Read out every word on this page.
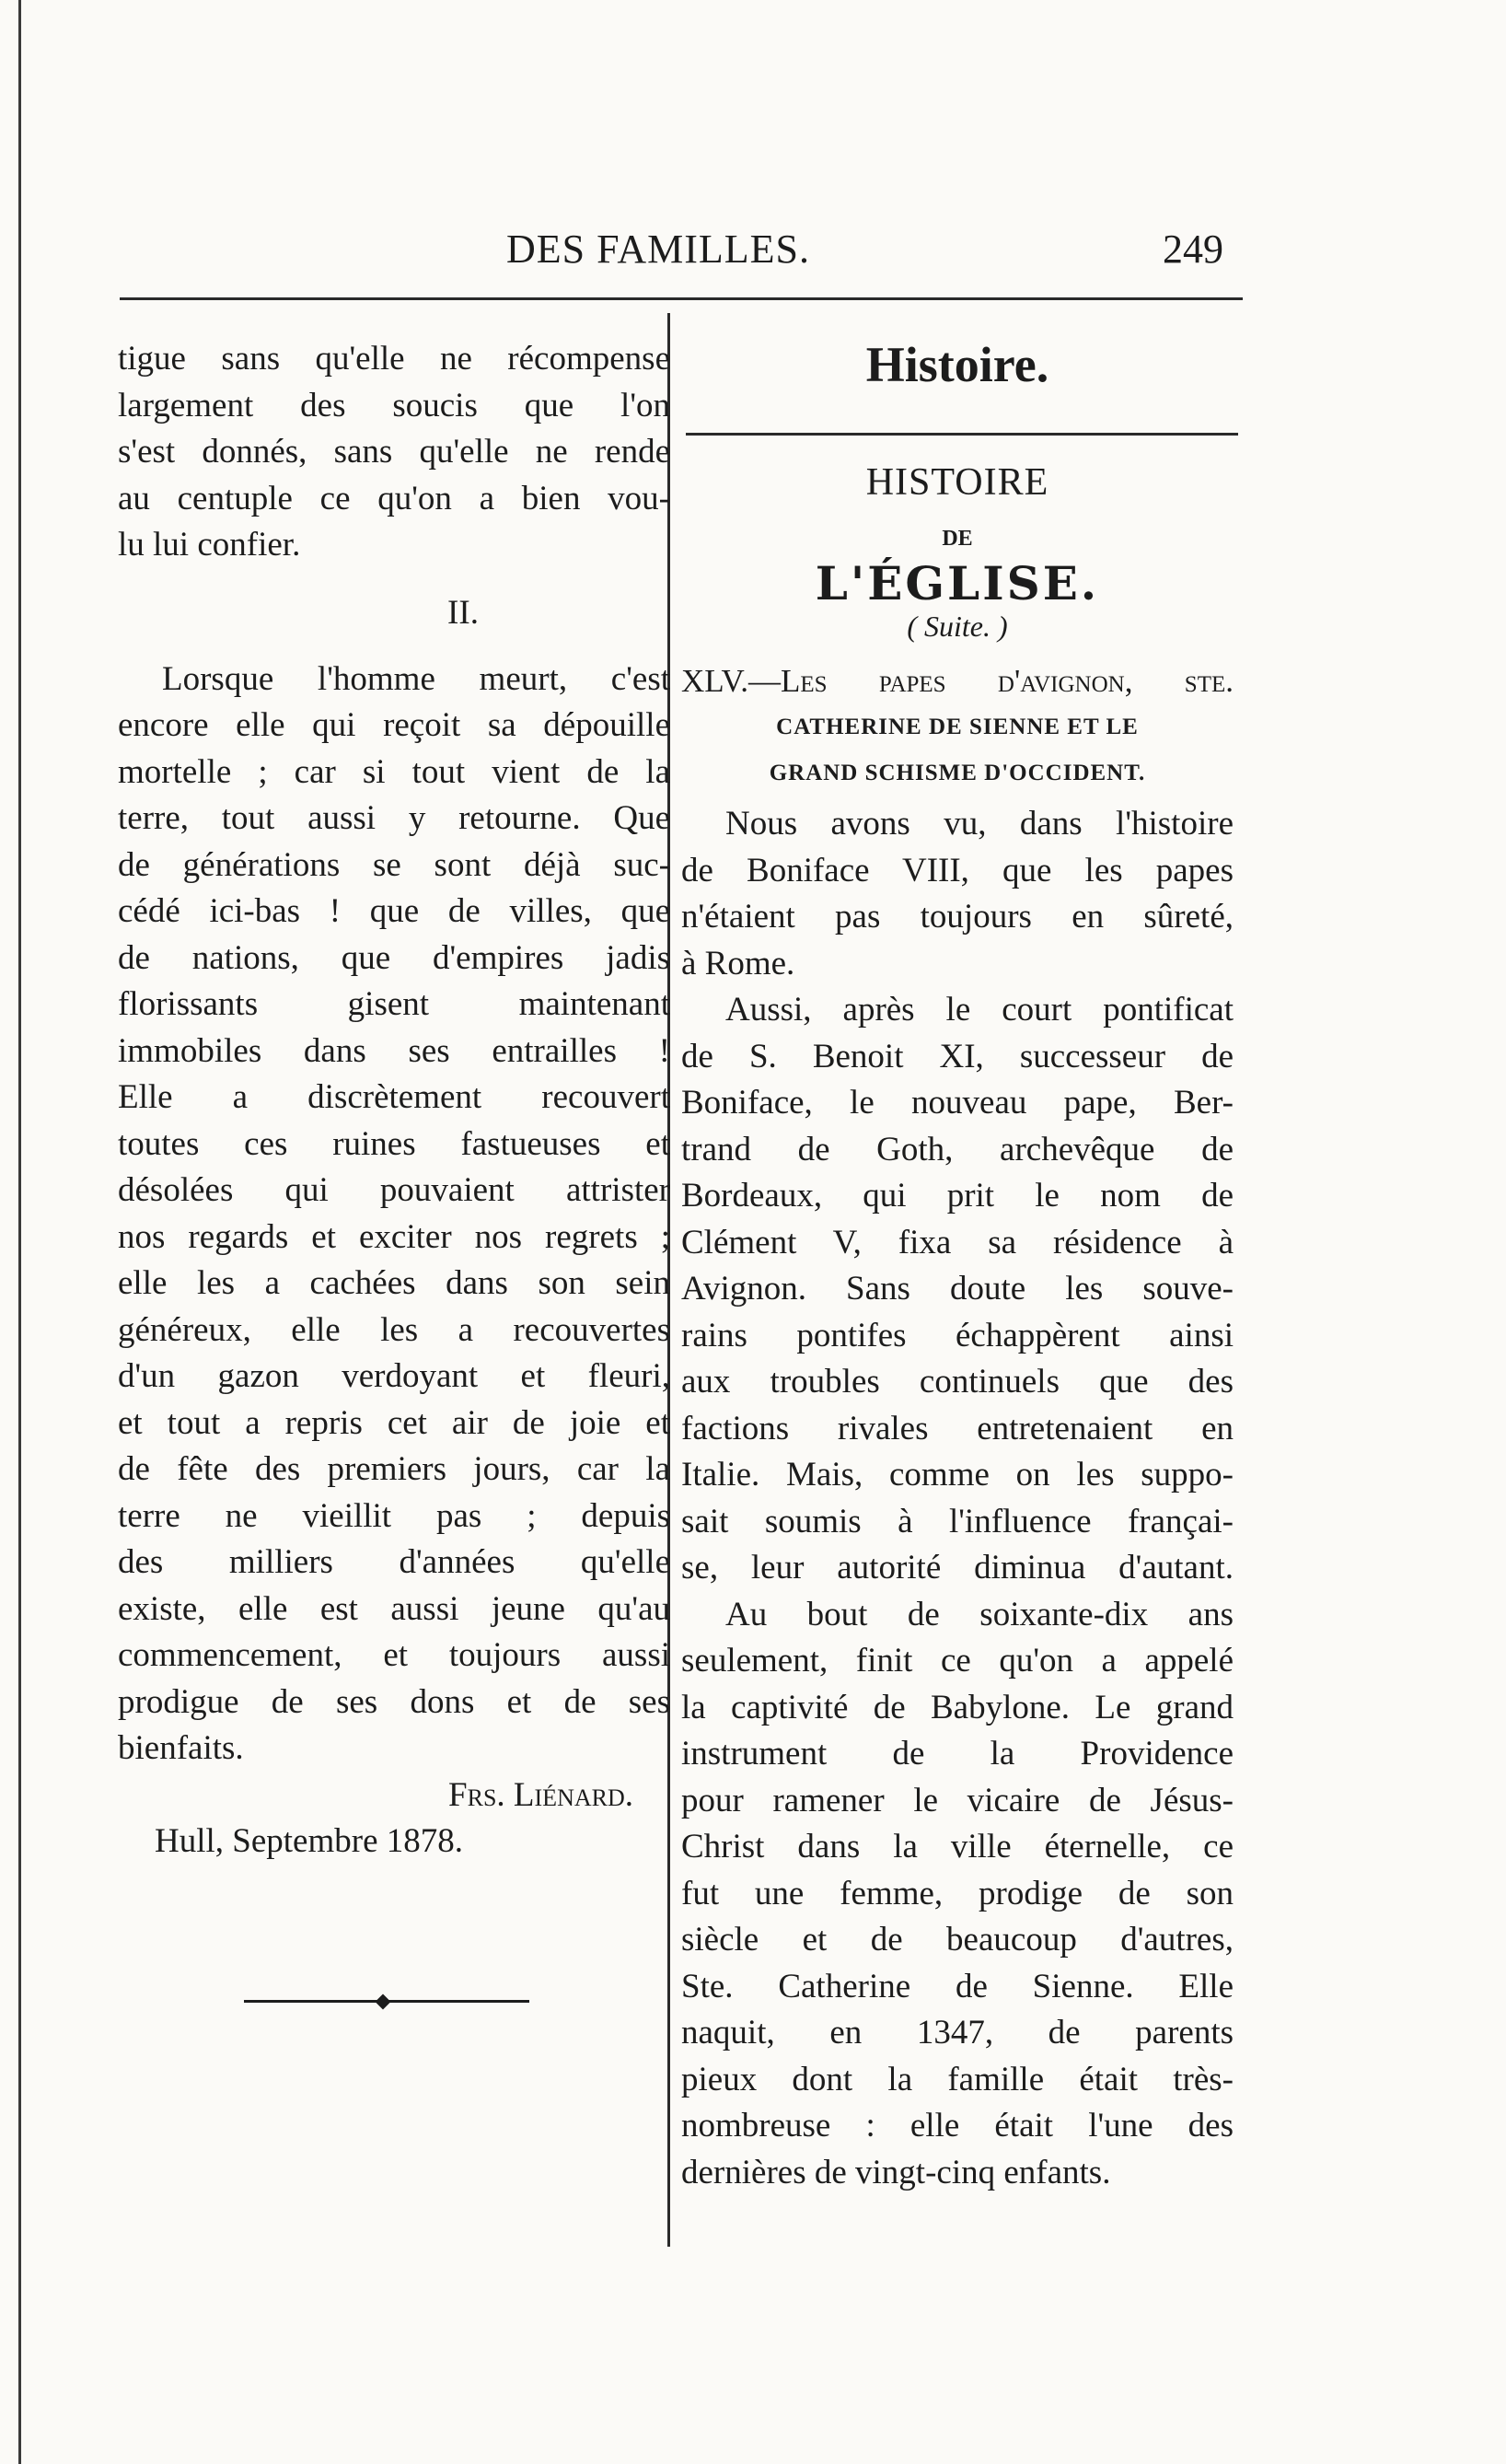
DES FAMILLES.	249
tigue sans qu'elle ne récompense
largement des soucis que l'on
s'est donnés, sans qu'elle ne rende
au centuple ce qu'on a bien vou-
lu lui confier.
II.
Lorsque l'homme meurt, c'est
encore elle qui reçoit sa dépouille
mortelle ; car si tout vient de la
terre, tout aussi y retourne. Que
de générations se sont déjà suc-
cédé ici-bas ! que de villes, que
de nations, que d'empires jadis
florissants gisent maintenant
immobiles dans ses entrailles !
Elle a discrètement recouvert
toutes ces ruines fastueuses et
désolées qui pouvaient attrister
nos regards et exciter nos regrets ;
elle les a cachées dans son sein
généreux, elle les a recouvertes
d'un gazon verdoyant et fleuri,
et tout a repris cet air de joie et
de fête des premiers jours, car la
terre ne vieillit pas ; depuis
des milliers d'années qu'elle
existe, elle est aussi jeune qu'au
commencement, et toujours aussi
prodigue de ses dons et de ses
bienfaits.
Frs. Liénard.
Hull, Septembre 1878.
Histoire.
HISTOIRE
DE
L'ÉGLISE.
( Suite. )
XLV.—Les papes d'avignon, ste.
CATHERINE DE SIENNE ET LE
GRAND SCHISME D'OCCIDENT.
Nous avons vu, dans l'histoire
de Boniface VIII, que les papes
n'étaient pas toujours en sûreté,
à Rome.
Aussi, après le court pontificat
de S. Benoit XI, successeur de
Boniface, le nouveau pape, Ber-
trand de Goth, archevêque de
Bordeaux, qui prit le nom de
Clément V, fixa sa résidence à
Avignon. Sans doute les souve-
rains pontifes échappèrent ainsi
aux troubles continuels que des
factions rivales entretenaient en
Italie. Mais, comme on les suppo-
sait soumis à l'influence françai-
se, leur autorité diminua d'autant.
Au bout de soixante-dix ans
seulement, finit ce qu'on a appelé
la captivité de Babylone. Le grand
instrument de la Providence
pour ramener le vicaire de Jésus-
Christ dans la ville éternelle, ce
fut une femme, prodige de son
siècle et de beaucoup d'autres,
Ste. Catherine de Sienne. Elle
naquit, en 1347, de parents
pieux dont la famille était très-
nombreuse : elle était l'une des
dernières de vingt-cinq enfants.
